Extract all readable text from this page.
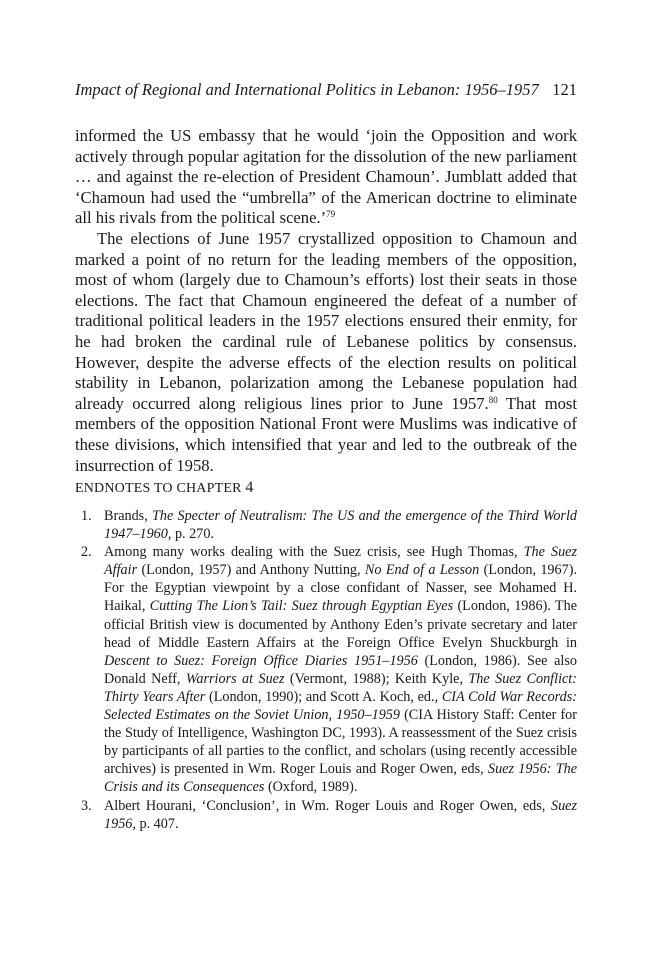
Impact of Regional and International Politics in Lebanon: 1956–1957 121

informed the US embassy that he would ‘join the Opposition and work actively through popular agitation for the dissolution of the new parliament … and against the re-election of President Chamoun’. Jumblatt added that ‘Chamoun had used the “umbrella” of the American doctrine to eliminate all his rivals from the political scene.’$^{79}$

The elections of June 1957 crystallized opposition to Chamoun and marked a point of no return for the leading members of the opposition, most of whom (largely due to Chamoun’s efforts) lost their seats in those elections. The fact that Chamoun engineered the defeat of a number of traditional political leaders in the 1957 elections ensured their enmity, for he had broken the cardinal rule of Lebanese politics by consensus. However, despite the adverse effects of the election results on political stability in Lebanon, polarization among the Lebanese population had already occurred along religious lines prior to June 1957.80 That most members of the opposition National Front were Muslims was indicative of these divisions, which intensified that year and led to the outbreak of the insurrection of 1958.

ENDNOTES TO CHAPTER 4
1. Brands, The Specter of Neutralism: The US and the emergence of the Third World 1947–1960, p. 270.
2. Among many works dealing with the Suez crisis, see Hugh Thomas, The Suez Affair (London, 1957) and Anthony Nutting, No End of a Lesson (London, 1967). For the Egyptian viewpoint by a close confidant of Nasser, see Mohamed H. Haikal, Cutting The Lion’s Tail: Suez through Egyptian Eyes (London, 1986). The official British view is documented by Anthony Eden’s private secretary and later head of Middle Eastern Affairs at the Foreign Office Evelyn Shuckburgh in Descent to Suez: Foreign Office Diaries 1951–1956 (London, 1986). See also Donald Neff, Warriors at Suez (Vermont, 1988); Keith Kyle, The Suez Conflict: Thirty Years After (London, 1990); and Scott A. Koch, ed., CIA Cold War Records: Selected Estimates on the Soviet Union, 1950–1959 (CIA History Staff: Center for the Study of Intelligence, Washington DC, 1993). A reassessment of the Suez crisis by participants of all parties to the conflict, and scholars (using recently accessible archives) is presented in Wm. Roger Louis and Roger Owen, eds, Suez 1956: The Crisis and its Consequences (Oxford, 1989).
3. Albert Hourani, ‘Conclusion’, in Wm. Roger Louis and Roger Owen, eds, Suez 1956, p. 407.
